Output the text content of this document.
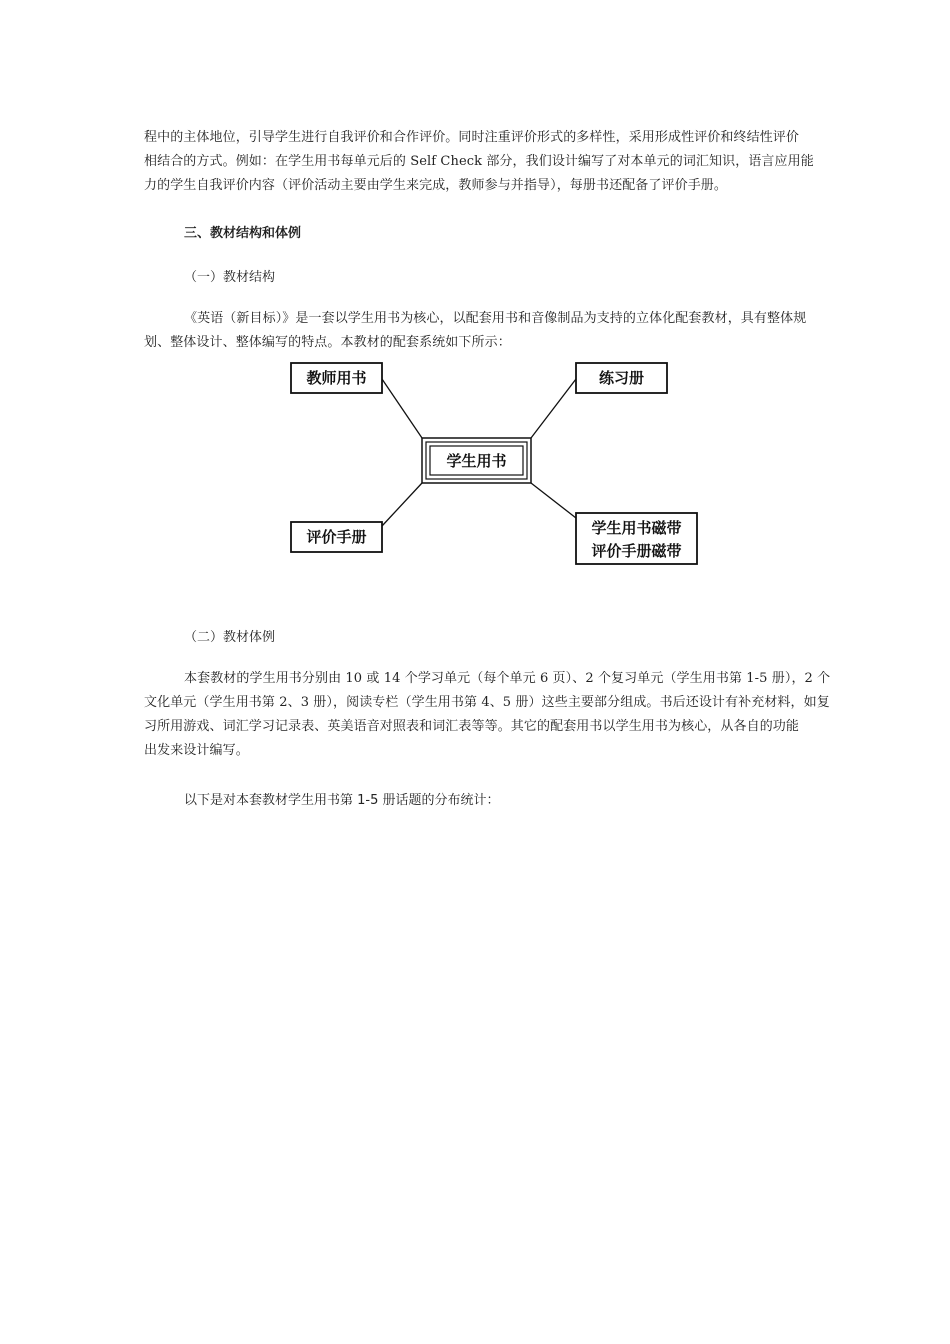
程中的主体地位，引导学生进行自我评价和合作评价。同时注重评价形式的多样性，采用形成性评价和终结性评价
相结合的方式。例如：在学生用书每单元后的 Self Check 部分，我们设计编写了对本单元的词汇知识，语言应用能
力的学生自我评价内容（评价活动主要由学生来完成，教师参与并指导），每册书还配备了评价手册。

三、教材结构和体例

（一）教材结构

《英语（新目标）》是一套以学生用书为核心，以配套用书和音像制品为支持的立体化配套教材，具有整体规
划、整体设计、整体编写的特点。本教材的配套系统如下所示：
学生用书
教师用书	练习册
评价手册	学生用书磁带
评价手册磁带

（二）教材体例

本套教材的学生用书分别由 10 或 14 个学习单元（每个单元 6 页）、2 个复习单元（学生用书第 1-5 册），2 个
文化单元（学生用书第 2、3 册），阅读专栏（学生用书第 4、5 册）这些主要部分组成。书后还设计有补充材料，如复
习所用游戏、词汇学习记录表、英美语音对照表和词汇表等等。其它的配套用书以学生用书为核心，从各自的功能
出发来设计编写。

以下是对本套教材学生用书第 1-5 册话题的分布统计：
